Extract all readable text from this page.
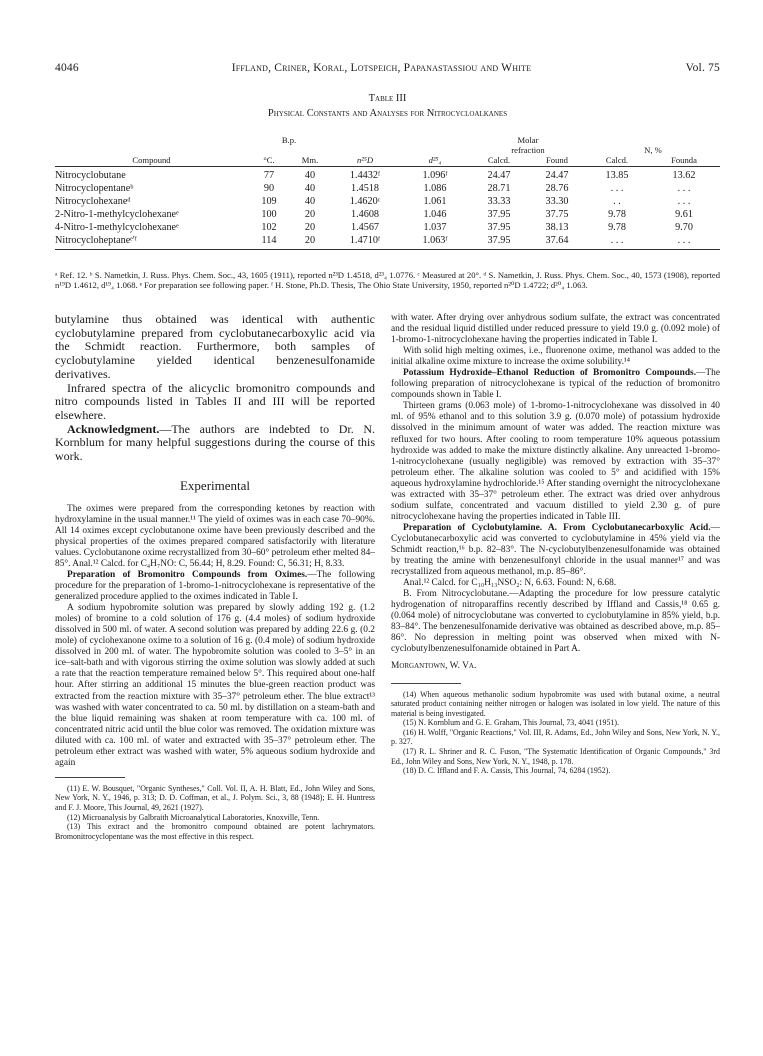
4046	Iffland, Criner, Koral, Lotspeich, Papanastassiou and White	Vol. 75
Table III
Physical Constants and Analyses for Nitrocycloalkanes
	B.p.				Molar			
					refraction		N, %	
Compound	°C.	Mm.	n²⁵D	d²⁵₄	Calcd.	Found	Calcd.	Founda

Nitrocyclobutane	77	40	1.4432ᶠ	1.096ᶠ	24.47	24.47	13.85	13.62
Nitrocyclopentaneᵇ	90	40	1.4518	1.086	28.71	28.76	. . .	. . .
Nitrocyclohexaneᵈ	109	40	1.4620ᶜ	1.061	33.33	33.30	. .	. . .
2-Nitro-1-methylcyclohexaneᵉ	100	20	1.4608	1.046	37.95	37.75	9.78	9.61
4-Nitro-1-methylcyclohexaneᵉ	102	20	1.4567	1.037	37.95	38.13	9.78	9.70
Nitrocycloheptaneᵉ'ᶠ	114	20	1.4710ᶠ	1.063ᶠ	37.95	37.64	. . .	. . .

ᵃ Ref. 12. ᵇ S. Nametkin, J. Russ. Phys. Chem. Soc., 43, 1605 (1911), reported n²³D 1.4518, d²³₄ 1.0776. ᶜ Measured at 20°. ᵈ S. Nametkin, J. Russ. Phys. Chem. Soc., 40, 1573 (1908), reported n¹⁹D 1.4612, d¹⁹₄ 1.068. ᵉ For preparation see following paper. ᶠ H. Stone, Ph.D. Thesis, The Ohio State University, 1950, reported n²⁰D 1.4722; d²⁰₄ 1.063.

butylamine thus obtained was identical with authentic cyclobutylamine prepared from cyclobutanecarboxylic acid via the Schmidt reaction. Furthermore, both samples of cyclobutylamine yielded identical benzenesulfonamide derivatives.

Infrared spectra of the alicyclic bromonitro compounds and nitro compounds listed in Tables II and III will be reported elsewhere.

Acknowledgment.—The authors are indebted to Dr. N. Kornblum for many helpful suggestions during the course of this work.

Experimental

The oximes were prepared from the corresponding ketones by reaction with hydroxylamine in the usual manner.¹¹ The yield of oximes was in each case 70–90%. All 14 oximes except cyclobutanone oxime have been previously described and the physical properties of the oximes prepared compared satisfactorily with literature values. Cyclobutanone oxime recrystallized from 30–60° petroleum ether melted 84–85°. Anal.¹² Calcd. for C₄H₇NO: C, 56.44; H, 8.29. Found: C, 56.31; H, 8.33.

Preparation of Bromonitro Compounds from Oximes.—The following procedure for the preparation of 1-bromo-1-nitrocyclohexane is representative of the generalized procedure applied to the oximes indicated in Table I.

A sodium hypobromite solution was prepared by slowly adding 192 g. (1.2 moles) of bromine to a cold solution of 176 g. (4.4 moles) of sodium hydroxide dissolved in 500 ml. of water. A second solution was prepared by adding 22.6 g. (0.2 mole) of cyclohexanone oxime to a solution of 16 g. (0.4 mole) of sodium hydroxide dissolved in 200 ml. of water. The hypobromite solution was cooled to 3–5° in an ice–salt-bath and with vigorous stirring the oxime solution was slowly added at such a rate that the reaction temperature remained below 5°. This required about one-half hour. After stirring an additional 15 minutes the blue-green reaction product was extracted from the reaction mixture with 35–37° petroleum ether. The blue extract¹³ was washed with water concentrated to ca. 50 ml. by distillation on a steam-bath and the blue liquid remaining was shaken at room temperature with ca. 100 ml. of concentrated nitric acid until the blue color was removed. The oxidation mixture was diluted with ca. 100 ml. of water and extracted with 35–37° petroleum ether. The petroleum ether extract was washed with water, 5% aqueous sodium hydroxide and again

(11) E. W. Bousquet, "Organic Syntheses," Coll. Vol. II, A. H. Blatt, Ed., John Wiley and Sons, New York, N. Y., 1946, p. 313; D. D. Coffman, et al., J. Polym. Sci., 3, 88 (1948); E. H. Huntress and F. J. Moore, This Journal, 49, 2621 (1927).

(12) Microanalysis by Galbraith Microanalytical Laboratories, Knoxville, Tenn.

(13) This extract and the bromonitro compound obtained are potent lachrymators. Bromonitrocyclopentane was the most effective in this respect.

with water. After drying over anhydrous sodium sulfate, the extract was concentrated and the residual liquid distilled under reduced pressure to yield 19.0 g. (0.092 mole) of 1-bromo-1-nitrocyclohexane having the properties indicated in Table I.

With solid high melting oximes, i.e., fluorenone oxime, methanol was added to the initial alkaline oxime mixture to increase the oxime solubility.¹⁴

Potassium Hydroxide–Ethanol Reduction of Bromonitro Compounds.—The following preparation of nitrocyclohexane is typical of the reduction of bromonitro compounds shown in Table I.

Thirteen grams (0.063 mole) of 1-bromo-1-nitrocyclohexane was dissolved in 40 ml. of 95% ethanol and to this solution 3.9 g. (0.070 mole) of potassium hydroxide dissolved in the minimum amount of water was added. The reaction mixture was refluxed for two hours. After cooling to room temperature 10% aqueous potassium hydroxide was added to make the mixture distinctly alkaline. Any unreacted 1-bromo-1-nitrocyclohexane (usually negligible) was removed by extraction with 35–37° petroleum ether. The alkaline solution was cooled to 5° and acidified with 15% aqueous hydroxylamine hydrochloride.¹⁵ After standing overnight the nitrocyclohexane was extracted with 35–37° petroleum ether. The extract was dried over anhydrous sodium sulfate, concentrated and vacuum distilled to yield 2.30 g. of pure nitrocyclohexane having the properties indicated in Table III.

Preparation of Cyclobutylamine. A. From Cyclobutanecarboxylic Acid.—Cyclobutanecarboxylic acid was converted to cyclobutylamine in 45% yield via the Schmidt reaction,¹⁶ b.p. 82–83°. The N-cyclobutylbenzenesulfonamide was obtained by treating the amine with benzenesulfonyl chloride in the usual manner¹⁷ and was recrystallized from aqueous methanol, m.p. 85–86°.

Anal.¹² Calcd. for C₁₀H₁₃NSO₂: N, 6.63. Found: N, 6.68.

B. From Nitrocyclobutane.—Adapting the procedure for low pressure catalytic hydrogenation of nitroparaffins recently described by Iffland and Cassis,¹⁸ 0.65 g. (0.064 mole) of nitrocyclobutane was converted to cyclobutylamine in 85% yield, b.p. 83–84°. The benzenesulfonamide derivative was obtained as described above, m.p. 85–86°. No depression in melting point was observed when mixed with N-cyclobutylbenzenesulfonamide obtained in Part A.

Morgantown, W. Va.

(14) When aqueous methanolic sodium hypobromite was used with butanal oxime, a neutral saturated product containing neither nitrogen or halogen was isolated in low yield. The nature of this material is being investigated.

(15) N. Kornblum and G. E. Graham, This Journal, 73, 4041 (1951).

(16) H. Wolff, "Organic Reactions," Vol. III, R. Adams, Ed., John Wiley and Sons, New York, N. Y., p. 327.

(17) R. L. Shriner and R. C. Fuson, "The Systematic Identification of Organic Compounds," 3rd Ed., John Wiley and Sons, New York, N. Y., 1948, p. 178.

(18) D. C. Iffland and F. A. Cassis, This Journal, 74, 6284 (1952).
